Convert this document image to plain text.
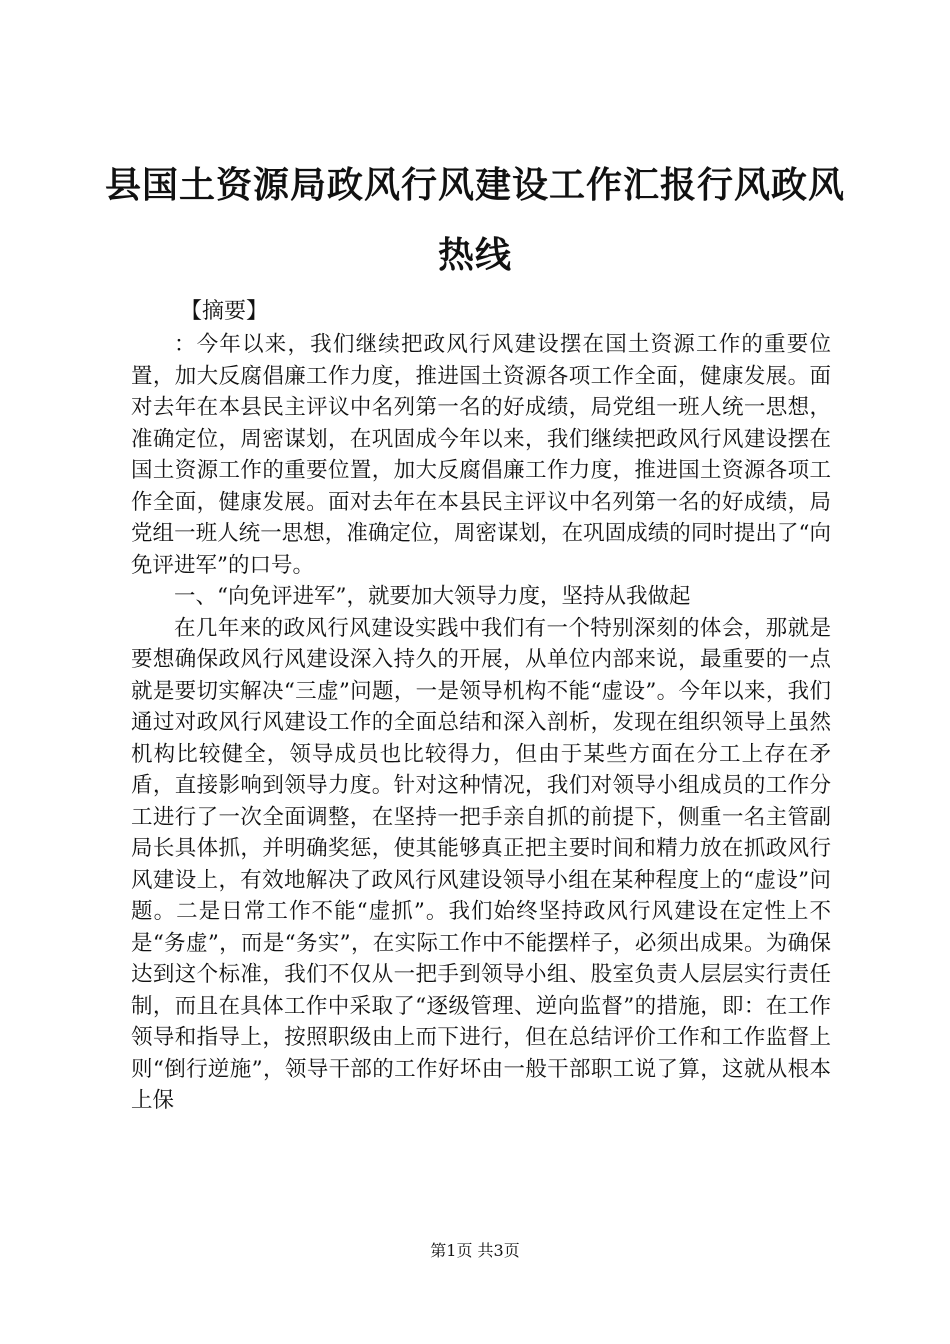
县国土资源局政风行风建设工作汇报行风政风热线
【摘要】

：今年以来，我们继续把政风行风建设摆在国土资源工作的重要位置，加大反腐倡廉工作力度，推进国土资源各项工作全面，健康发展。面对去年在本县民主评议中名列第一名的好成绩，局党组一班人统一思想，准确定位，周密谋划，在巩固成今年以来，我们继续把政风行风建设摆在国土资源工作的重要位置，加大反腐倡廉工作力度，推进国土资源各项工作全面，健康发展。面对去年在本县民主评议中名列第一名的好成绩，局党组一班人统一思想，准确定位，周密谋划，在巩固成绩的同时提出了“向免评进军”的口号。

一、“向免评进军”，就要加大领导力度，坚持从我做起

在几年来的政风行风建设实践中我们有一个特别深刻的体会，那就是要想确保政风行风建设深入持久的开展，从单位内部来说，最重要的一点就是要切实解决“三虚”问题，一是领导机构不能“虚设”。今年以来，我们通过对政风行风建设工作的全面总结和深入剖析，发现在组织领导上虽然机构比较健全，领导成员也比较得力，但由于某些方面在分工上存在矛盾，直接影响到领导力度。针对这种情况，我们对领导小组成员的工作分工进行了一次全面调整，在坚持一把手亲自抓的前提下，侧重一名主管副局长具体抓，并明确奖惩，使其能够真正把主要时间和精力放在抓政风行风建设上，有效地解决了政风行风建设领导小组在某种程度上的“虚设”问题。二是日常工作不能“虚抓”。我们始终坚持政风行风建设在定性上不是“务虚”，而是“务实”，在实际工作中不能摆样子，必须出成果。为确保达到这个标准，我们不仅从一把手到领导小组、股室负责人层层实行责任制，而且在具体工作中采取了“逐级管理、逆向监督”的措施，即：在工作领导和指导上，按照职级由上而下进行，但在总结评价工作和工作监督上则“倒行逆施”，领导干部的工作好坏由一般干部职工说了算，这就从根本上保

第1页 共3页
